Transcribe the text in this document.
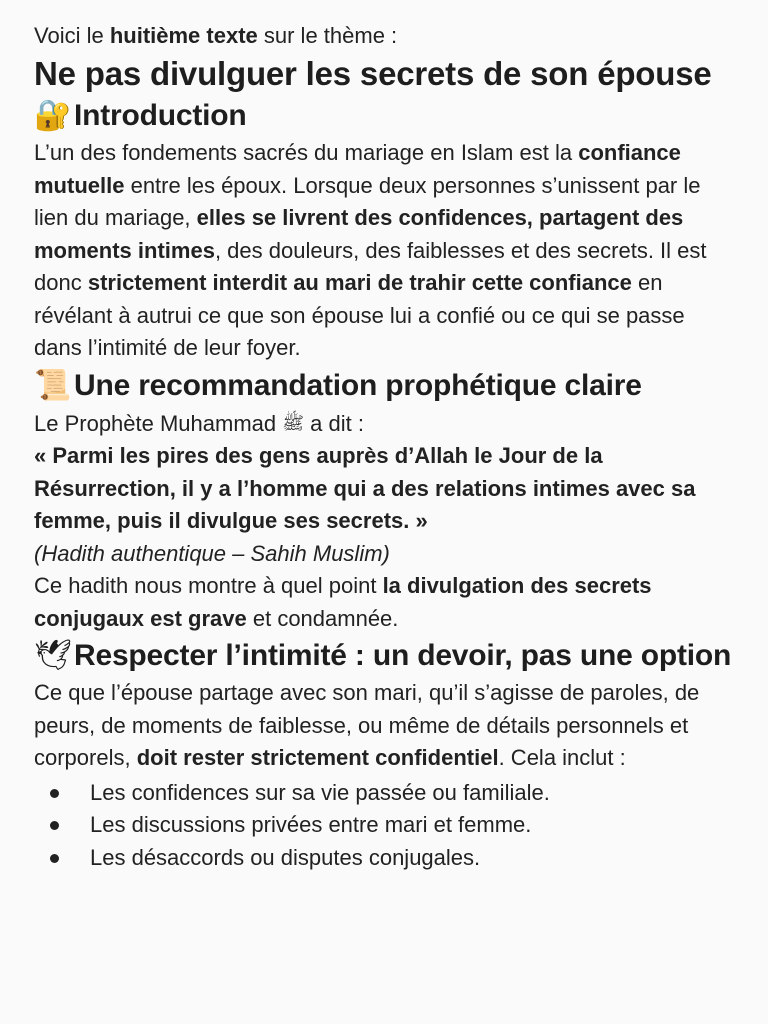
Voici le huitième texte sur le thème :

Ne pas divulguer les secrets de son épouse
🔐Introduction

L’un des fondements sacrés du mariage en Islam est la confiance mutuelle entre les époux. Lorsque deux personnes s’unissent par le lien du mariage, elles se livrent des confidences, partagent des moments intimes, des douleurs, des faiblesses et des secrets. Il est donc strictement interdit au mari de trahir cette confiance en révélant à autrui ce que son épouse lui a confié ou ce qui se passe dans l’intimité de leur foyer.

📜Une recommandation prophétique claire

Le Prophète Muhammad ﷺ a dit :

« Parmi les pires des gens auprès d’Allah le Jour de la Résurrection, il y a l’homme qui a des relations intimes avec sa femme, puis il divulgue ses secrets. »

(Hadith authentique – Sahih Muslim)

Ce hadith nous montre à quel point la divulgation des secrets conjugaux est grave et condamnée.

🕊Respecter l’intimité : un devoir, pas une option

Ce que l’épouse partage avec son mari, qu’il s’agisse de paroles, de peurs, de moments de faiblesse, ou même de détails personnels et corporels, doit rester strictement confidentiel. Cela inclut :

Les confidences sur sa vie passée ou familiale.
Les discussions privées entre mari et femme.
Les désaccords ou disputes conjugales.
